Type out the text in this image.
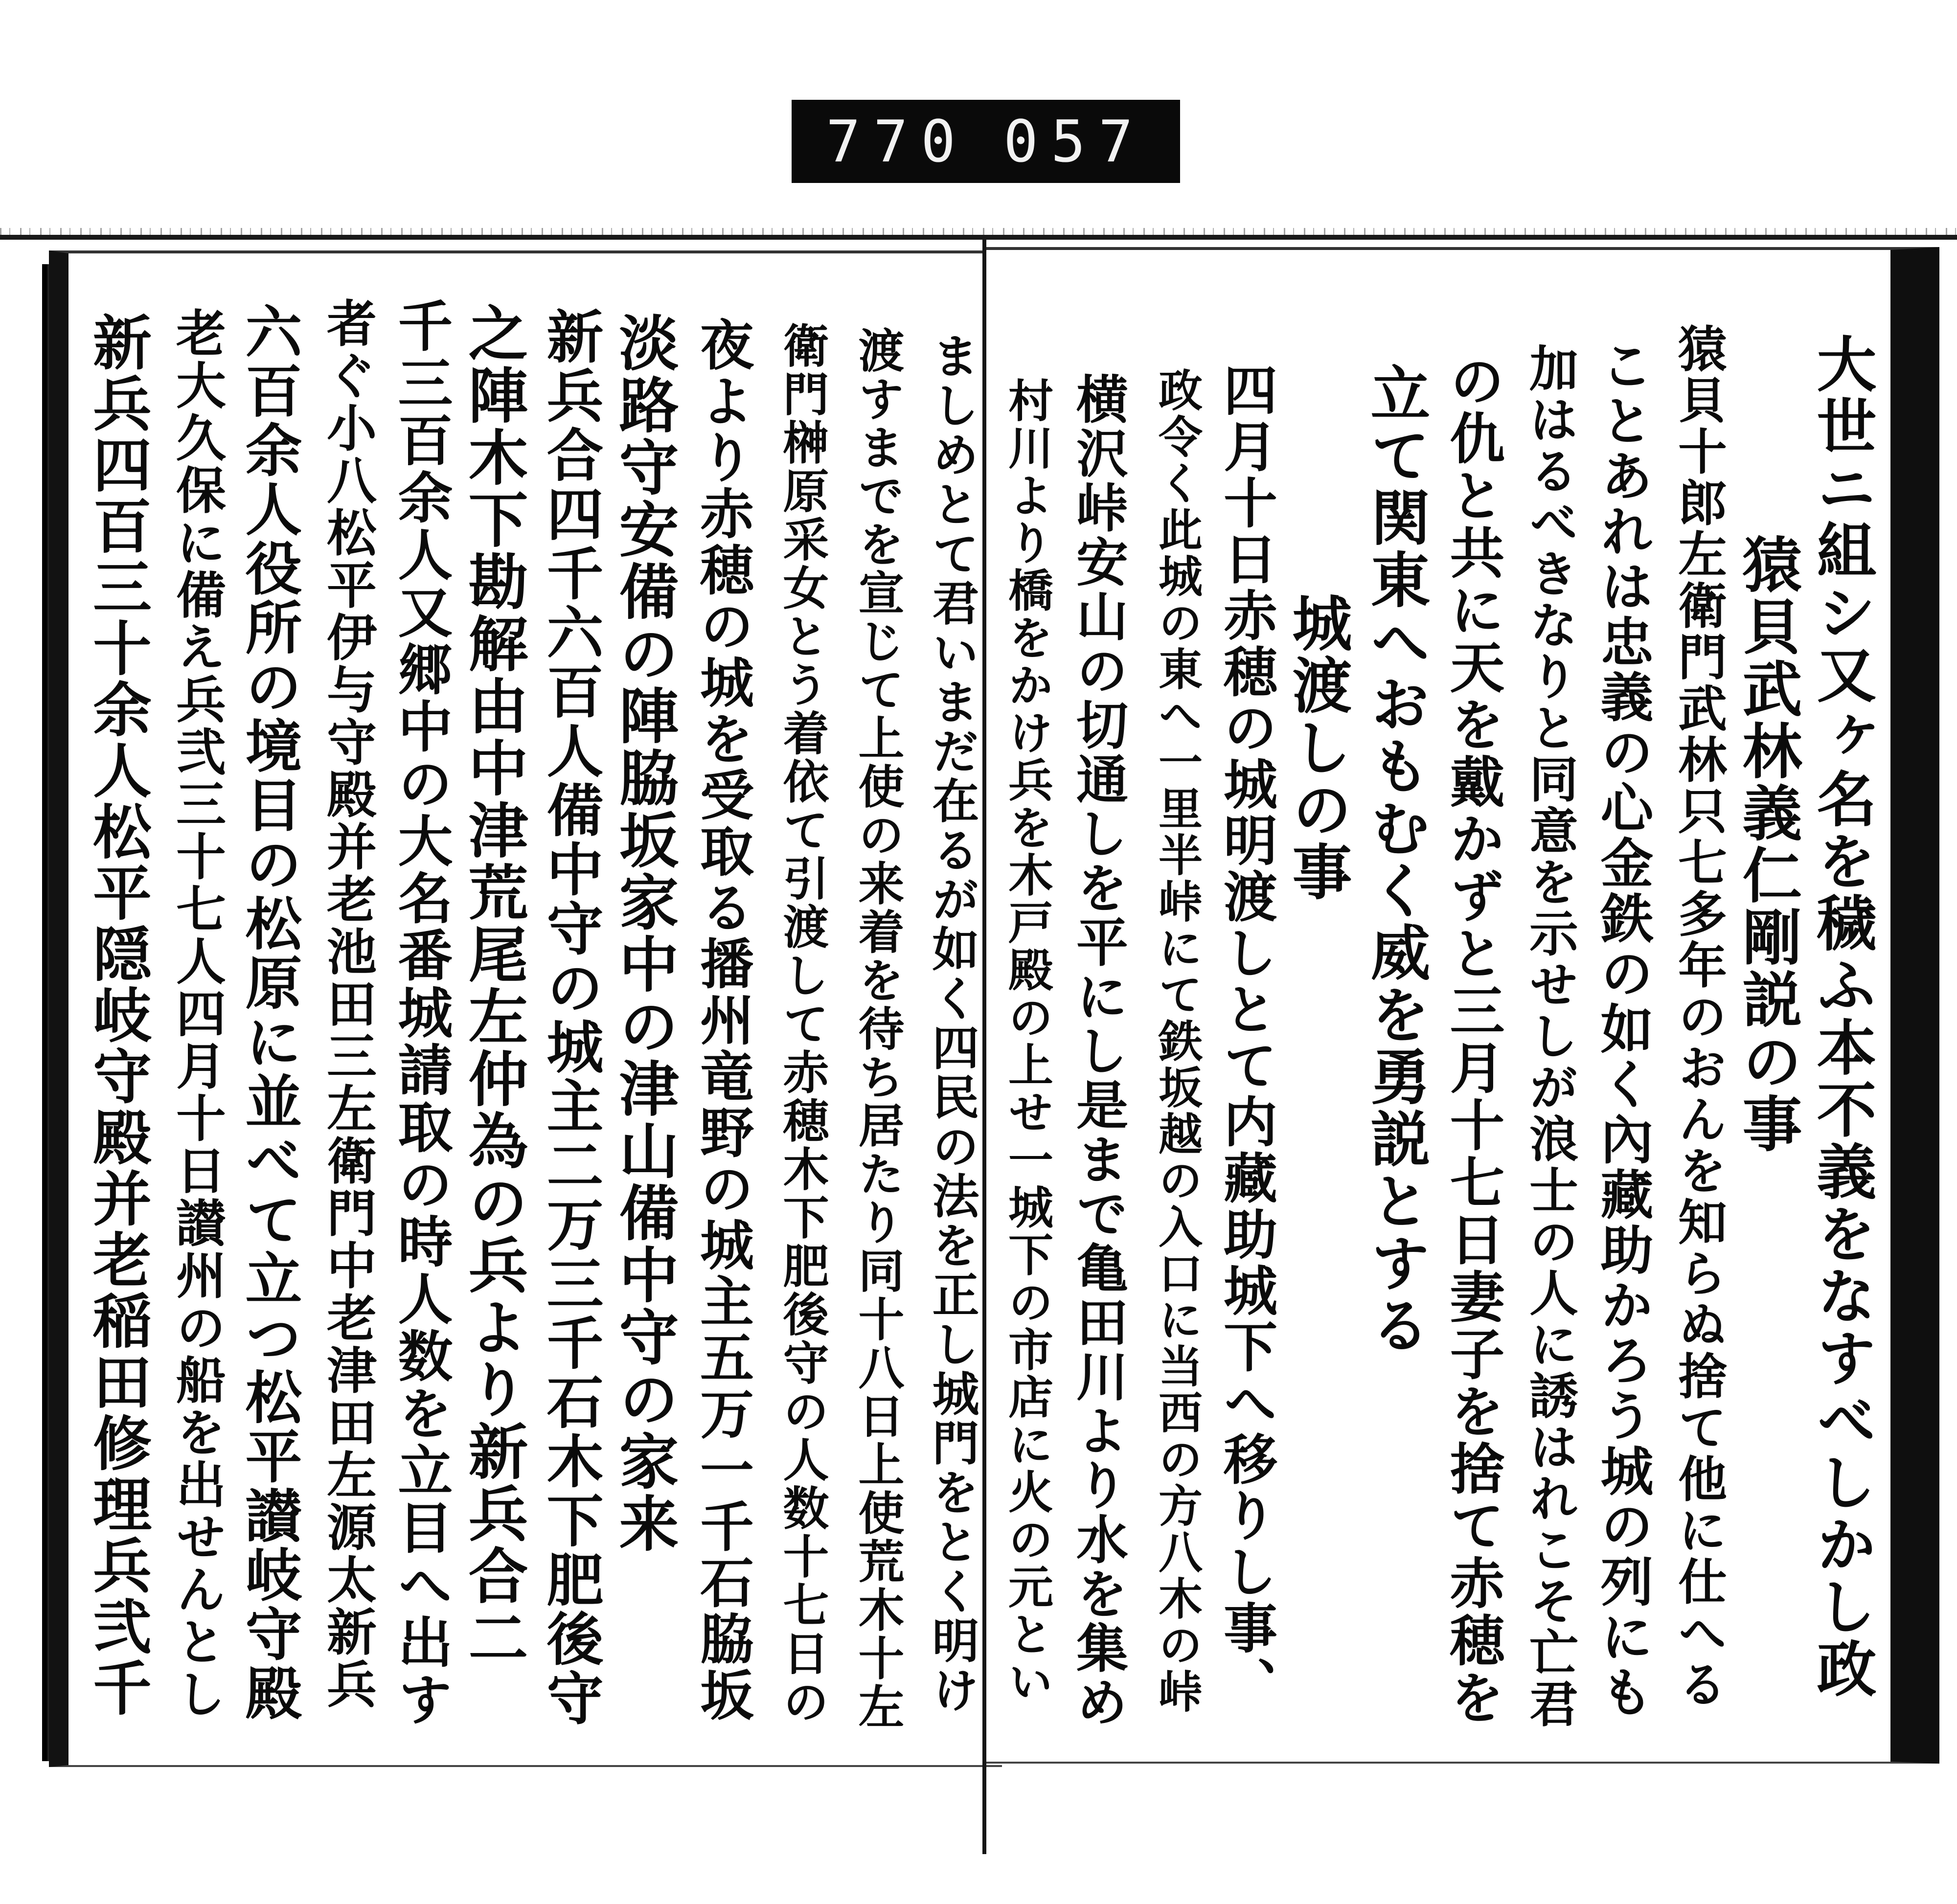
770 057
ましめとて君いまだ在るが如く四民の法を正し城門をとく明け
渡すまでを宣じて上使の来着を待ち居たり同十八日上使荒木十左
衛門榊原采女とう着依て引渡して赤穂木下肥後守の人数十七日の
夜より赤穂の城を受取る播州竜野の城主五万一千石脇坂
淡路守安備の陣脇坂家中の津山備中守の家来
新兵合四千六百人備中守の城主二万三千石木下肥後守
之陣木下勘解由中津荒尾左仲為の兵より新兵合二
千三百余人又郷中の大名番城請取の時人数を立目へ出す
者ぐ小八松平伊与守殿并老池田三左衛門中老津田左源太新兵
六百余人役所の境目の松原に並べて立つ松平讃岐守殿
老大久保に備え兵弐三十七人四月十日讃州の船を出せんとし
新兵四百三十余人松平隠岐守殿并老稲田修理兵弐千	大世ニ組シ又ヶ名を穢ふ本不義をなすべしかし政
猿貝武林義仁剛説の事
猿貝十郎左衛門武林只七多年のおんを知らぬ捨て他に仕へる
ことあれは忠義の心金鉄の如く內藏助かろう城の列にも
加はるべきなりと同意を示せしが浪士の人に誘はれこそ亡君
の仇と共に天を戴かずと三月十七日妻子を捨て赤穂を
立て関東へおもむく威を勇説とする
城渡しの事
四月十日赤穂の城明渡しとて内藏助城下へ移りし事、
政令く此城の東へ一里半峠にて鉄坂越の入口に当西の方八木の峠
横沢峠安山の切通しを平にし是まで亀田川より水を集め
村川より橋をかけ兵を木戸殿の上せ一城下の市店に火の元とい
